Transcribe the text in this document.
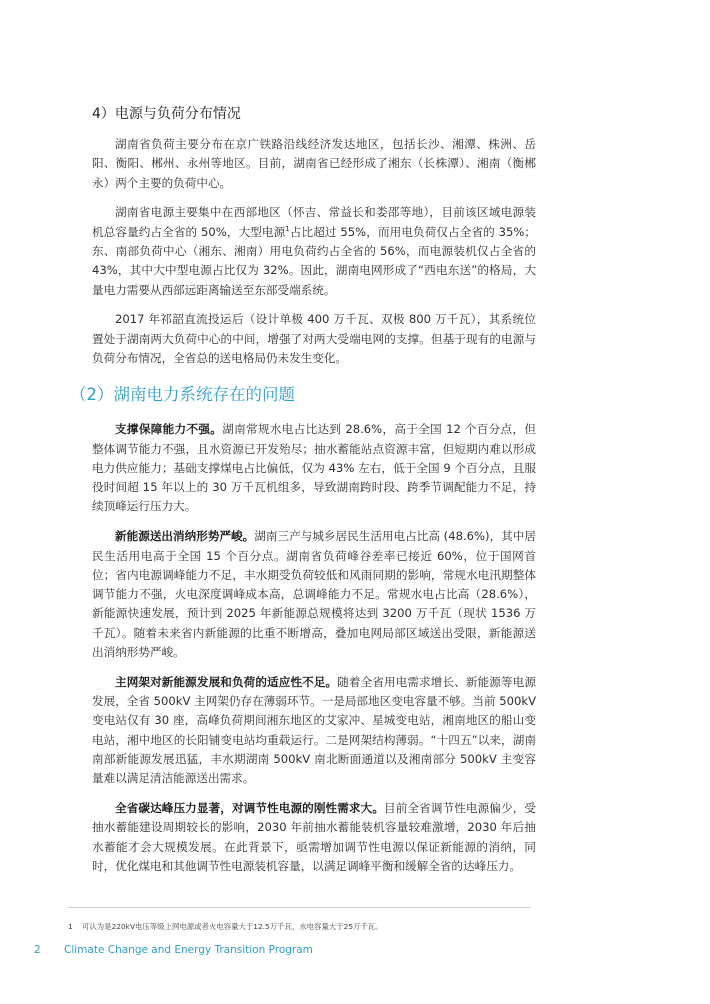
4）电源与负荷分布情况

湖南省负荷主要分布在京广铁路沿线经济发达地区，包括长沙、湘潭、株洲、岳阳、衡阳、郴州、永州等地区。目前，湖南省已经形成了湘东（长株潭）、湘南（衡郴永）两个主要的负荷中心。

湖南省电源主要集中在西部地区（怀吉、常益长和娄邵等地），目前该区域电源装机总容量约占全省的 50%，大型电源$^1$占比超过 55%，而用电负荷仅占全省的 35%；东、南部负荷中心（湘东、湘南）用电负荷约占全省的 56%，而电源装机仅占全省的 43%，其中大中型电源占比仅为 32%。因此，湖南电网形成了“西电东送”的格局，大量电力需要从西部远距离输送至东部受端系统。

2017 年祁韶直流投运后（设计单极 400 万千瓦、双极 800 万千瓦），其系统位置处于湖南两大负荷中心的中间，增强了对两大受端电网的支撑。但基于现有的电源与负荷分布情况，全省总的送电格局仍未发生变化。

（2）湖南电力系统存在的问题

支撑保障能力不强。湖南常规水电占比达到 28.6%，高于全国 12 个百分点，但整体调节能力不强，且水资源已开发殆尽；抽水蓄能站点资源丰富，但短期内难以形成电力供应能力；基础支撑煤电占比偏低，仅为 43% 左右，低于全国 9 个百分点，且服役时间超 15 年以上的 30 万千瓦机组多，导致湖南跨时段、跨季节调配能力不足，持续顶峰运行压力大。

新能源送出消纳形势严峻。湖南三产与城乡居民生活用电占比高 (48.6%)，其中居民生活用电高于全国 15 个百分点。湖南省负荷峰谷差率已接近 60%，位于国网首位；省内电源调峰能力不足，丰水期受负荷较低和风雨同期的影响，常规水电汛期整体调节能力不强，火电深度调峰成本高，总调峰能力不足。常规水电占比高（28.6%），新能源快速发展，预计到 2025 年新能源总规模将达到 3200 万千瓦（现状 1536 万千瓦）。随着未来省内新能源的比重不断增高，叠加电网局部区域送出受限，新能源送出消纳形势严峻。

主网架对新能源发展和负荷的适应性不足。随着全省用电需求增长、新能源等电源发展，全省 500kV 主网架仍存在薄弱环节。一是局部地区变电容量不够。当前 500kV 变电站仅有 30 座，高峰负荷期间湘东地区的艾家冲、星城变电站，湘南地区的船山变电站，湘中地区的长阳铺变电站均重载运行。二是网架结构薄弱。“十四五”以来，湖南南部新能源发展迅猛，丰水期湖南 500kV 南北断面通道以及湘南部分 500kV 主变容量难以满足清洁能源送出需求。

全省碳达峰压力显著，对调节性电源的刚性需求大。目前全省调节性电源偏少，受抽水蓄能建设周期较长的影响，2030 年前抽水蓄能装机容量较难激增，2030 年后抽水蓄能才会大规模发展。在此背景下，亟需增加调节性电源以保证新能源的消纳，同时，优化煤电和其他调节性电源装机容量，以满足调峰平衡和缓解全省的达峰压力。

1 可认为是220kV电压等级上网电源或者火电容量大于12.5万千瓦，水电容量大于25万千瓦。
2 Climate Change and Energy Transition Program
